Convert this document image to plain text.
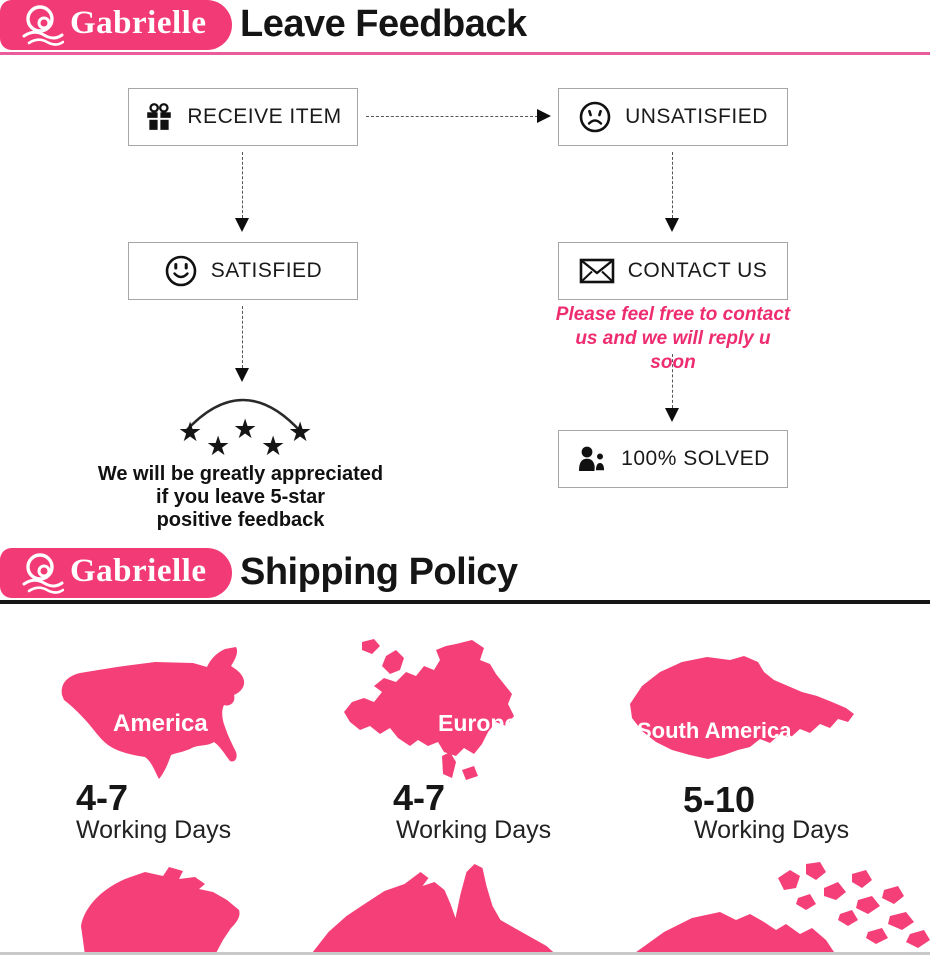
Gabrielle Leave Feedback
RECEIVE ITEM	UNSATISFIED
SATISFIED	CONTACT US
100% SOLVED
Please feel free to contact
us and we will reply u soon
★ ★
★
★ ★
We will be greatly appreciated
if you leave 5-star
positive feedback
Gabrielle Shipping Policy
America
4-7
Working Days
Europe
4-7
Working Days
South America
5-10
Working Days
